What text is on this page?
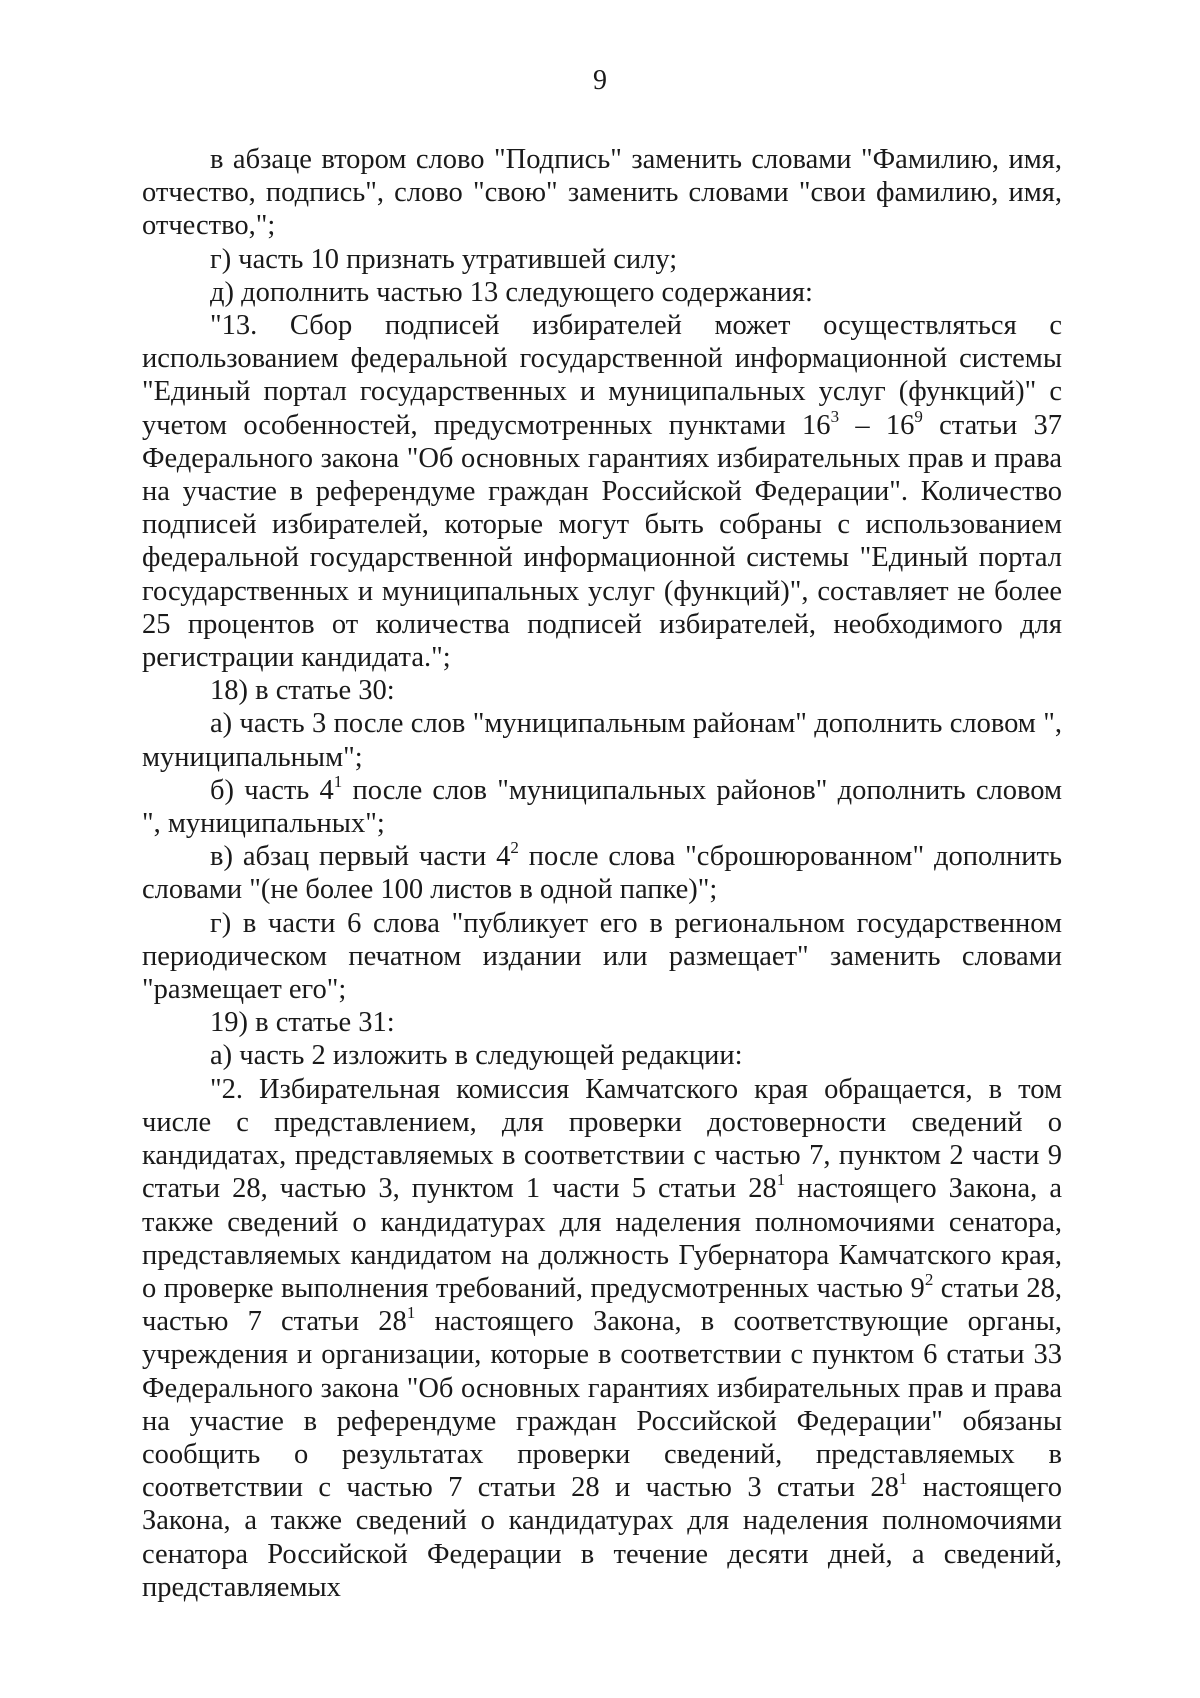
9

в абзаце втором слово "Подпись" заменить словами "Фамилию, имя, отчество, подпись", слово "свою" заменить словами "свои фамилию, имя, отчество,";

г) часть 10 признать утратившей силу;

д) дополнить частью 13 следующего содержания:

"13. Сбор подписей избирателей может осуществляться с использованием федеральной государственной информационной системы "Единый портал государственных и муниципальных услуг (функций)" с учетом особенностей, предусмотренных пунктами $16^3 - 16^9$ статьи 37 Федерального закона "Об основных гарантиях избирательных прав и права на участие в референдуме граждан Российской Федерации". Количество подписей избирателей, которые могут быть собраны с использованием федеральной государственной информационной системы "Единый портал государственных и муниципальных услуг (функций)", составляет не более 25 процентов от количества подписей избирателей, необходимого для регистрации кандидата.";

18) в статье 30:

а) часть 3 после слов "муниципальным районам" дополнить словом ", муниципальным";

б) часть $4^1$ после слов "муниципальных районов" дополнить словом ", муниципальных";

в) абзац первый части $4^2$ после слова "сброшюрованном" дополнить словами "(не более 100 листов в одной папке)";

г) в части 6 слова "публикует его в региональном государственном периодическом печатном издании или размещает" заменить словами "размещает его";

19) в статье 31:

а) часть 2 изложить в следующей редакции:

"2. Избирательная комиссия Камчатского края обращается, в том числе с представлением, для проверки достоверности сведений о кандидатах, представляемых в соответствии с частью 7, пунктом 2 части 9 статьи 28, частью 3, пунктом 1 части 5 статьи $28^1$ настоящего Закона, а также сведений о кандидатурах для наделения полномочиями сенатора, представляемых кандидатом на должность Губернатора Камчатского края, о проверке выполнения требований, предусмотренных частью $9^2$ статьи 28, частью 7 статьи $28^1$ настоящего Закона, в соответствующие органы, учреждения и организации, которые в соответствии с пунктом 6 статьи 33 Федерального закона "Об основных гарантиях избирательных прав и права на участие в референдуме граждан Российской Федерации" обязаны сообщить о результатах проверки сведений, представляемых в соответствии с частью 7 статьи 28 и частью 3 статьи $28^1$ настоящего Закона, а также сведений о кандидатурах для наделения полномочиями сенатора Российской Федерации в течение десяти дней, а сведений, представляемых
